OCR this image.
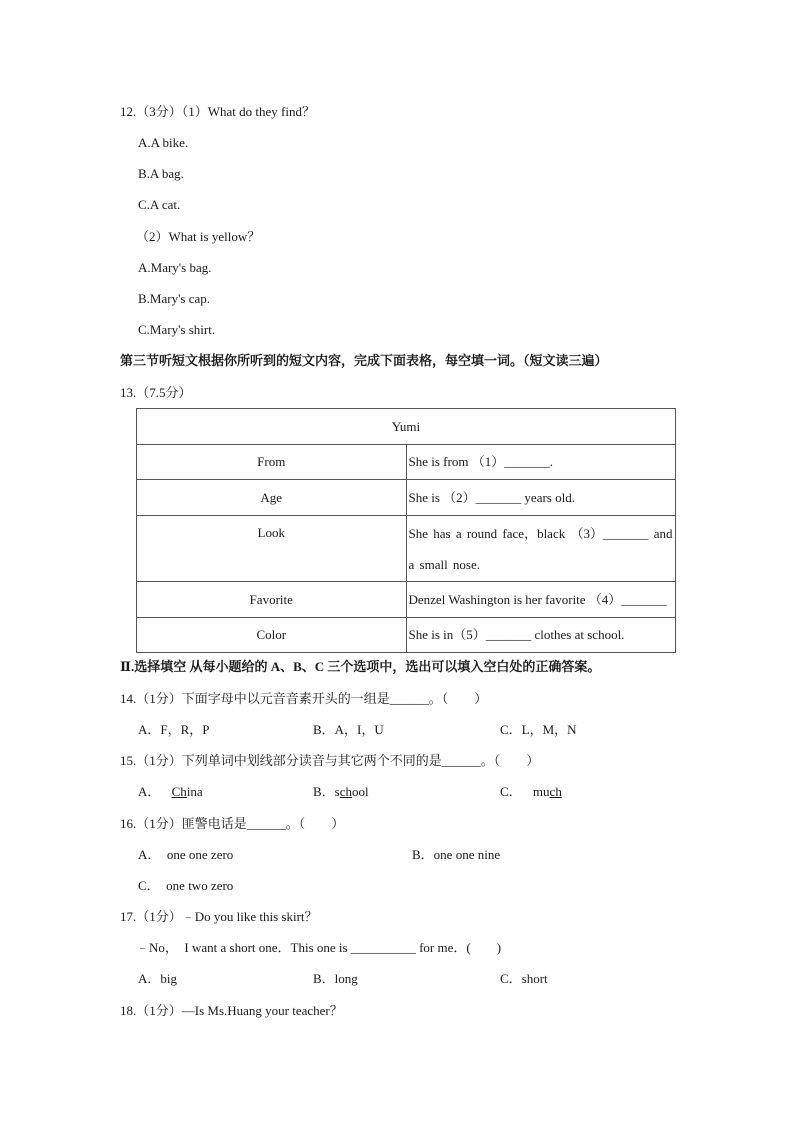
12.（3分）（1）What do they find？
A.A bike.
B.A bag.
C.A cat.
（2）What is yellow？
A.Mary's bag.
B.Mary's cap.
C.Mary's shirt.
第三节听短文根据你所听到的短文内容，完成下面表格，每空填一词。（短文读三遍）
13.（7.5分）
Yumi	
From	She is from （1）_______.
Age	She is （2）_______ years old.
Look	She has a round face，black （3）_______ and a small nose.
Favorite	Denzel Washington is her favorite （4）_______
Color	She is in（5）_______ clothes at school.
Ⅱ.选择填空 从每小题给的 A、B、C 三个选项中，选出可以填入空白处的正确答案。
14.（1分）下面字母中以元音音素开头的一组是______。（　　）
A．F，R，P	B．A，I，U	C．L，M，N
15.（1分）下列单词中划线部分读音与其它两个不同的是______。（　　）
A． China	B．school	C． much
16.（1分）匪警电话是______。（　　）
A．  one one zero	B．one one nine
C．  one two zero
17.（1分）﹣Do you like this skirt？
﹣No，  I want a short one．This one is __________ for me．(　　)
A．big	B．long	C．short
18.（1分）—Is Ms.Huang your teacher？
